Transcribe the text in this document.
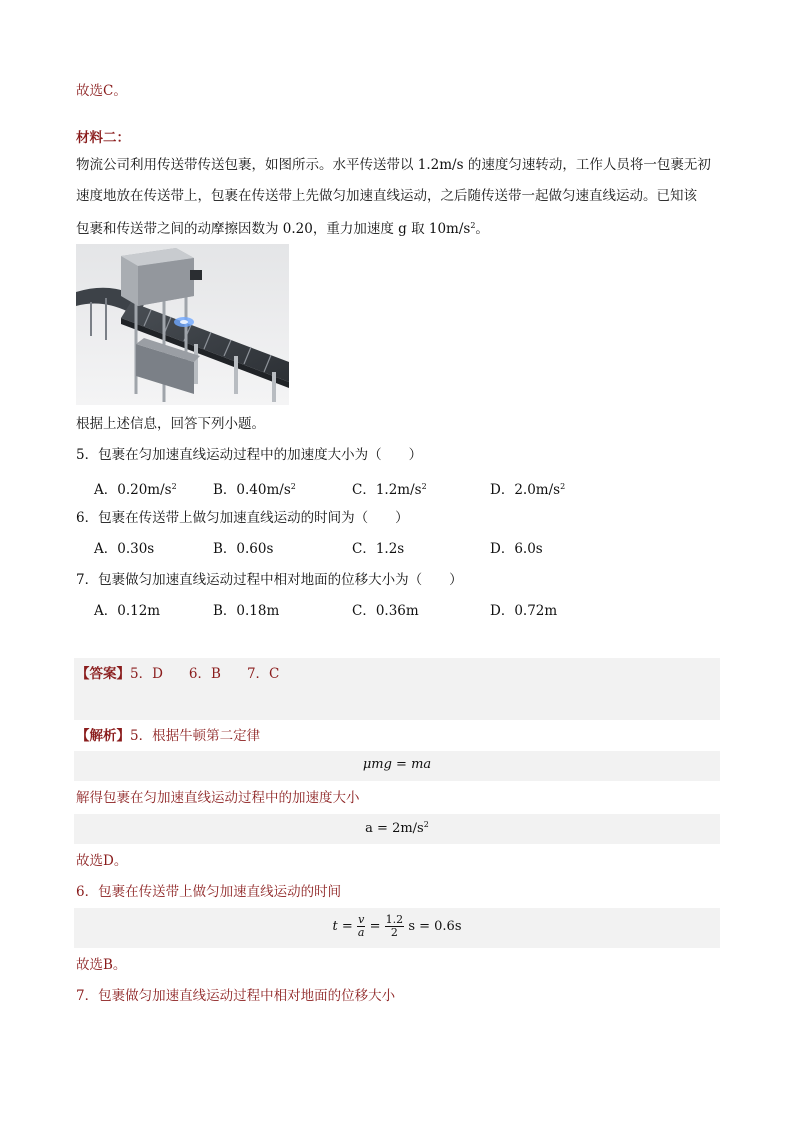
故选C。
材料二：
物流公司利用传送带传送包裹，如图所示。水平传送带以 1.2m/s 的速度匀速转动，工作人员将一包裹无初
速度地放在传送带上，包裹在传送带上先做匀加速直线运动，之后随传送带一起做匀速直线运动。已知该
包裹和传送带之间的动摩擦因数为 0.20，重力加速度 g 取 $10m/s^2$。
根据上述信息，回答下列小题。
5．包裹在匀加速直线运动过程中的加速度大小为（　　）
A．$0.20m/s^2$	B．$0.40m/s^2$	C．$1.2m/s^2$	D．$2.0m/s^2$
6．包裹在传送带上做匀加速直线运动的时间为（　　）
A．0.30s	B．0.60s	C．1.2s	D．6.0s
7．包裹做匀加速直线运动过程中相对地面的位移大小为（　　）
A．0.12m	B．0.18m	C．0.36m	D．0.72m
【答案】5．D 6．B 7．C
【解析】5．根据牛顿第二定律
μmg = ma
解得包裹在匀加速直线运动过程中的加速度大小
$a = 2m/s^2$
故选D。
6．包裹在传送带上做匀加速直线运动的时间
$t = \frac{v}{a} = \frac{1.2}{2}$ s = 0.6s
故选B。
7．包裹做匀加速直线运动过程中相对地面的位移大小
